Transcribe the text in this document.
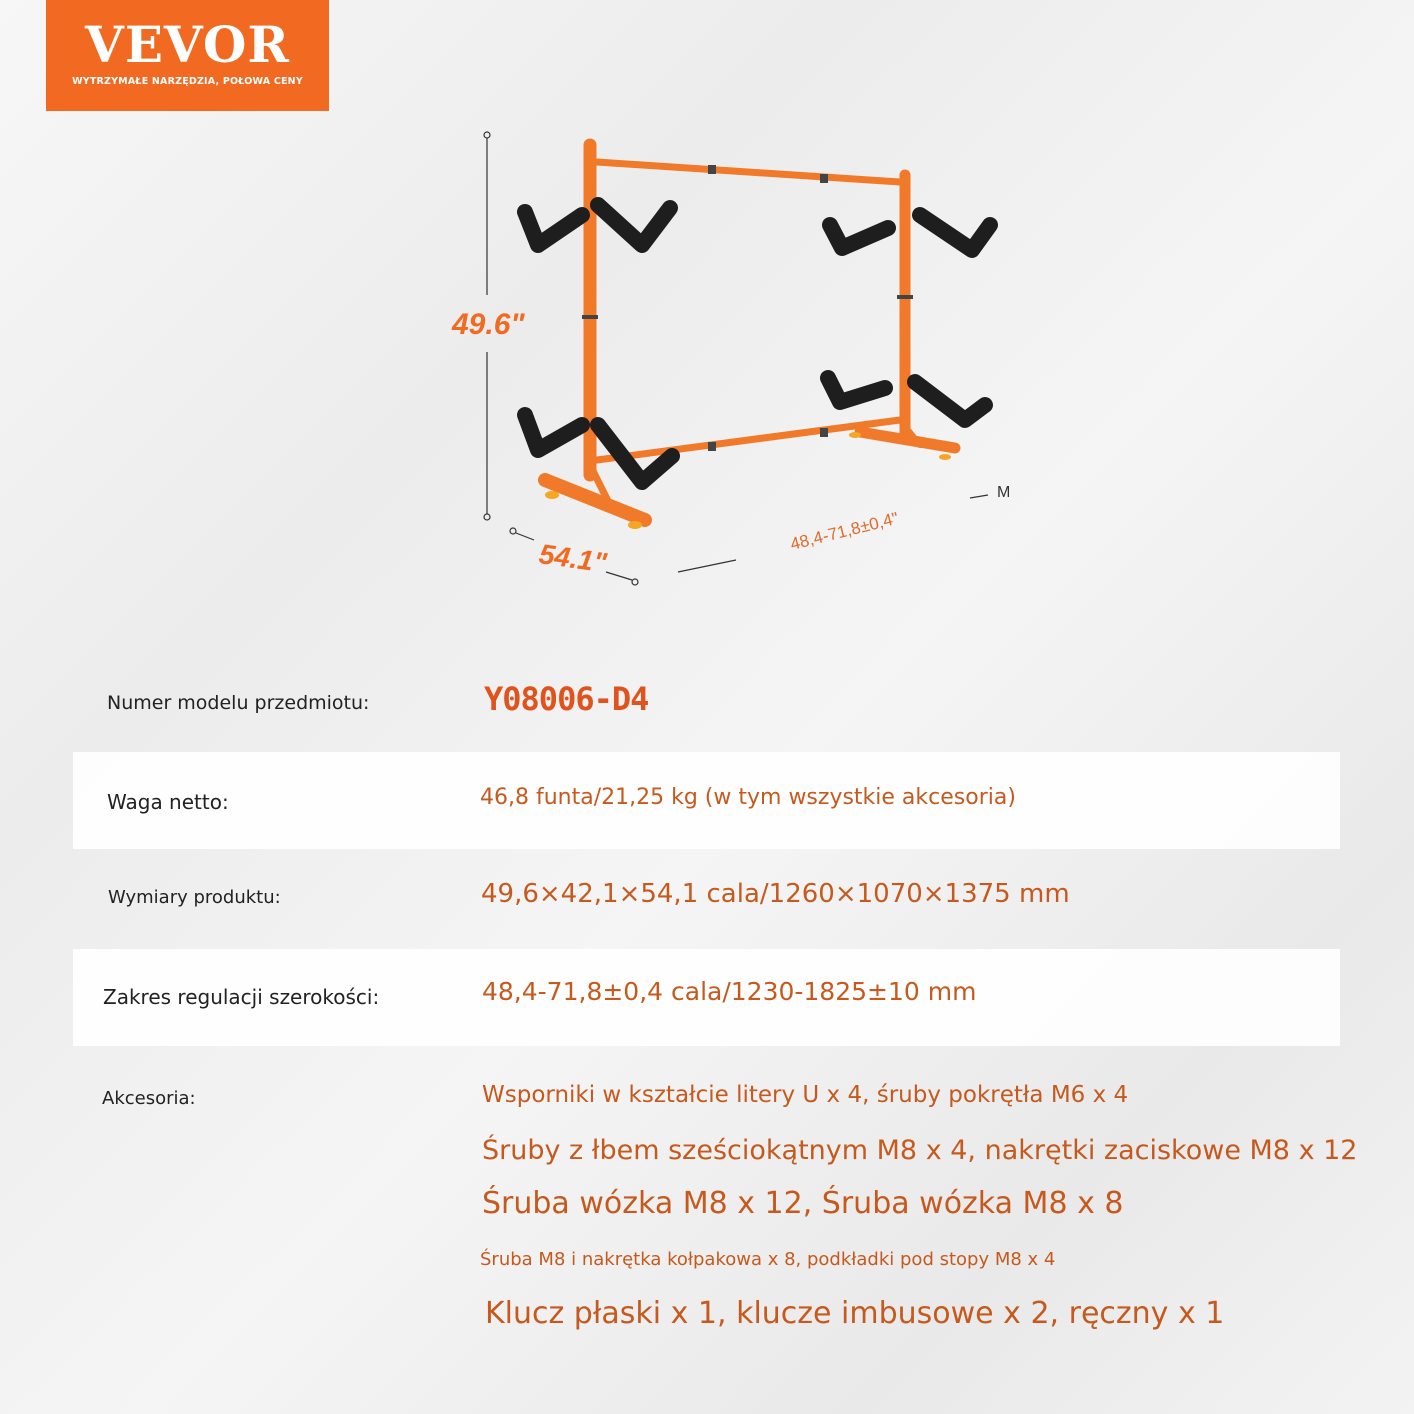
VEVOR
WYTRZYMAŁE NARZĘDZIA, POŁOWA CENY
49.6"
54.1"
48,4-71,8±0,4"
M
Numer modelu przedmiotu:	Y08006-D4
Waga netto:	46,8 funta/21,25 kg (w tym wszystkie akcesoria)
Wymiary produktu:	49,6×42,1×54,1 cala/1260×1070×1375 mm
Zakres regulacji szerokości:	48,4-71,8±0,4 cala/1230-1825±10 mm
Akcesoria:	Wsporniki w kształcie litery U x 4, śruby pokrętła M6 x 4
Śruby z łbem sześciokątnym M8 x 4, nakrętki zaciskowe M8 x 12
Śruba wózka M8 x 12, Śruba wózka M8 x 8
Śruba M8 i nakrętka kołpakowa x 8, podkładki pod stopy M8 x 4
Klucz płaski x 1, klucze imbusowe x 2, ręczny x 1
